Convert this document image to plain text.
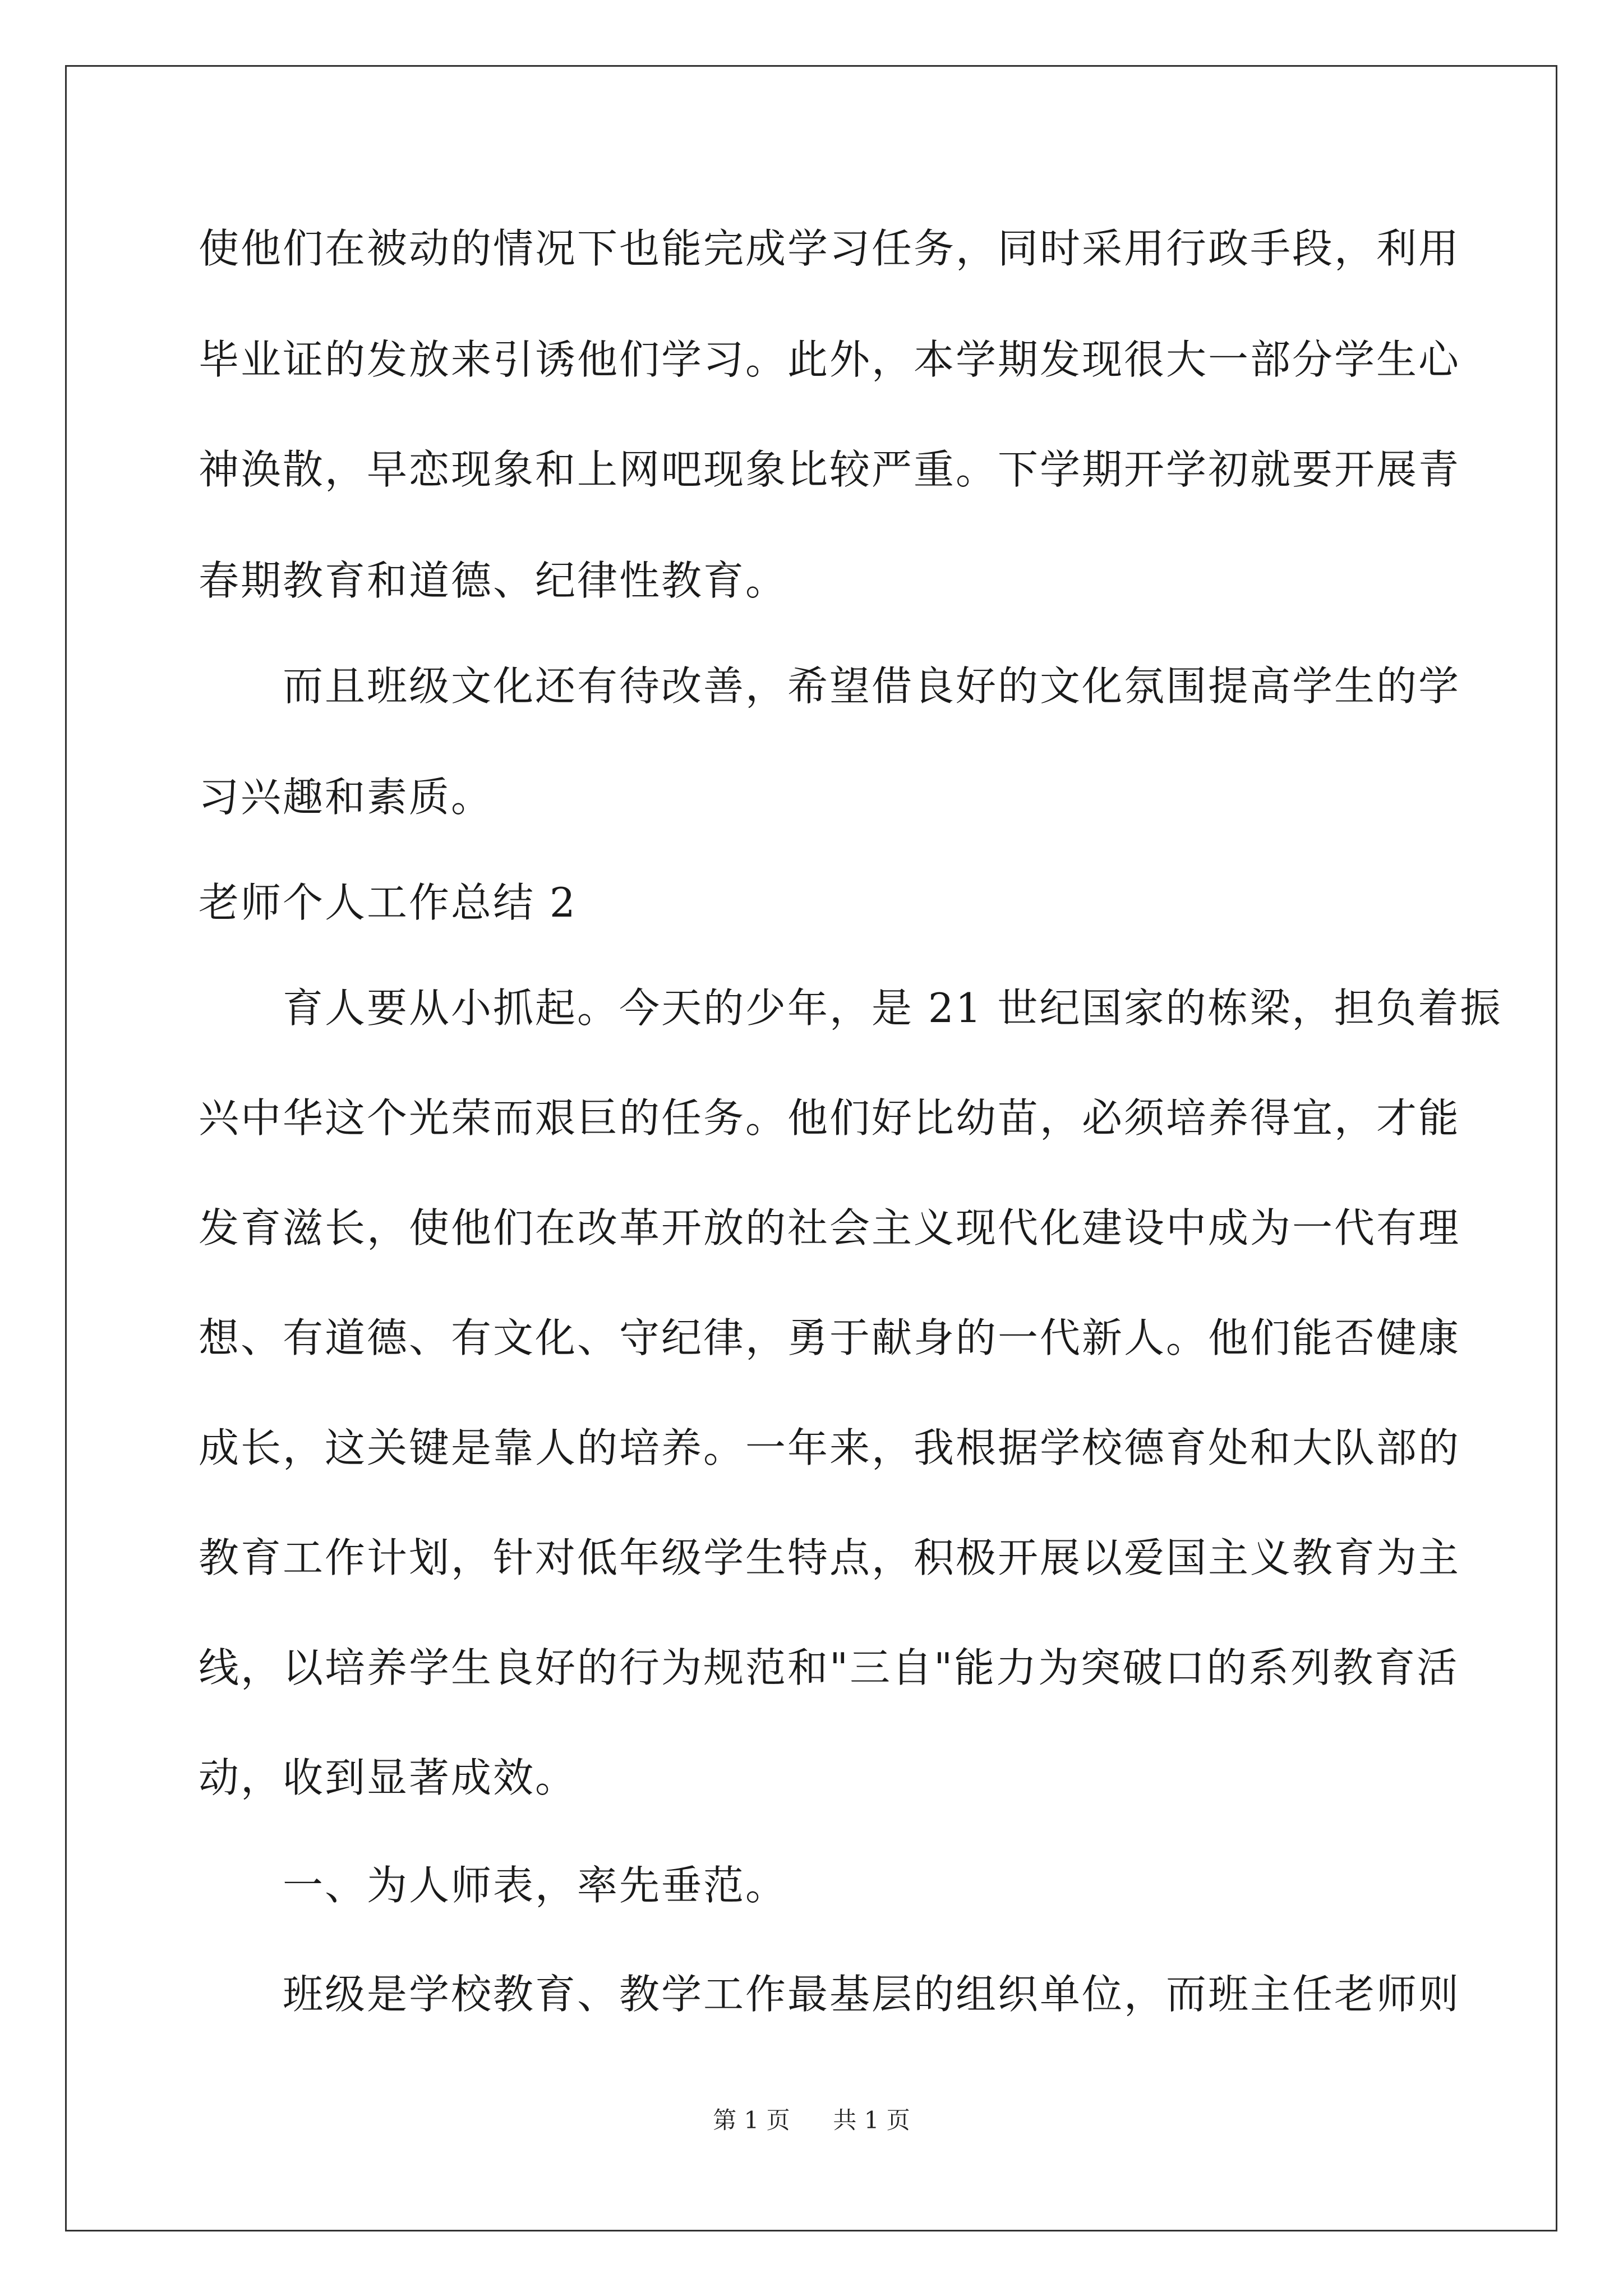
使他们在被动的情况下也能完成学习任务，同时采用行政手段，利用
毕业证的发放来引诱他们学习。此外，本学期发现很大一部分学生心
神涣散，早恋现象和上网吧现象比较严重。下学期开学初就要开展青
春期教育和道德、纪律性教育。
而且班级文化还有待改善，希望借良好的文化氛围提高学生的学
习兴趣和素质。
老师个人工作总结 2
育人要从小抓起。今天的少年，是 21 世纪国家的栋梁，担负着振
兴中华这个光荣而艰巨的任务。他们好比幼苗，必须培养得宜，才能
发育滋长，使他们在改革开放的社会主义现代化建设中成为一代有理
想、有道德、有文化、守纪律，勇于献身的一代新人。他们能否健康
成长，这关键是靠人的培养。一年来，我根据学校德育处和大队部的
教育工作计划，针对低年级学生特点，积极开展以爱国主义教育为主
线，以培养学生良好的行为规范和"三自"能力为突破口的系列教育活
动，收到显著成效。
一、为人师表，率先垂范。
班级是学校教育、教学工作最基层的组织单位，而班主任老师则
第 1 页 共 1 页
